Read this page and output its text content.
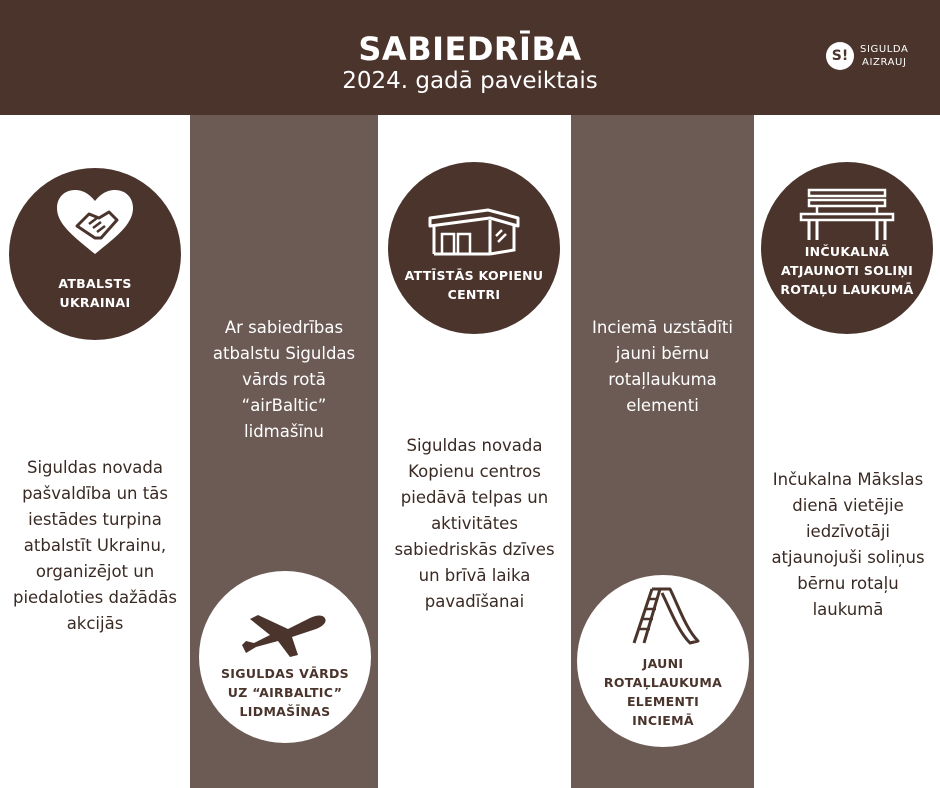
SABIEDRĪBA
2024. gadā paveiktais
S!	SIGULDA
AIZRAUJ
ATBALSTS
UKRAINAI
Siguldas novada pašvaldība un tās iestādes turpina atbalstīt Ukrainu, organizējot un piedaloties dažādās akcijās
Ar sabiedrības atbalstu Siguldas vārds rotā “airBaltic” lidmašīnu
SIGULDAS VĀRDS
UZ “AIRBALTIC”
LIDMAŠĪNAS
ATTĪSTĀS KOPIENU
CENTRI
Siguldas novada Kopienu centros piedāvā telpas un aktivitātes sabiedriskās dzīves un brīvā laika pavadīšanai
Inciemā uzstādīti jauni bērnu rotaļlaukuma elementi
JAUNI
ROTAĻLAUKUMA
ELEMENTI
INCIEMĀ
INČUKALNĀ
ATJAUNOTI SOLIŅI
ROTAĻU LAUKUMĀ
Inčukalna Mākslas dienā vietējie iedzīvotāji atjaunojuši soliņus bērnu rotaļu laukumā
